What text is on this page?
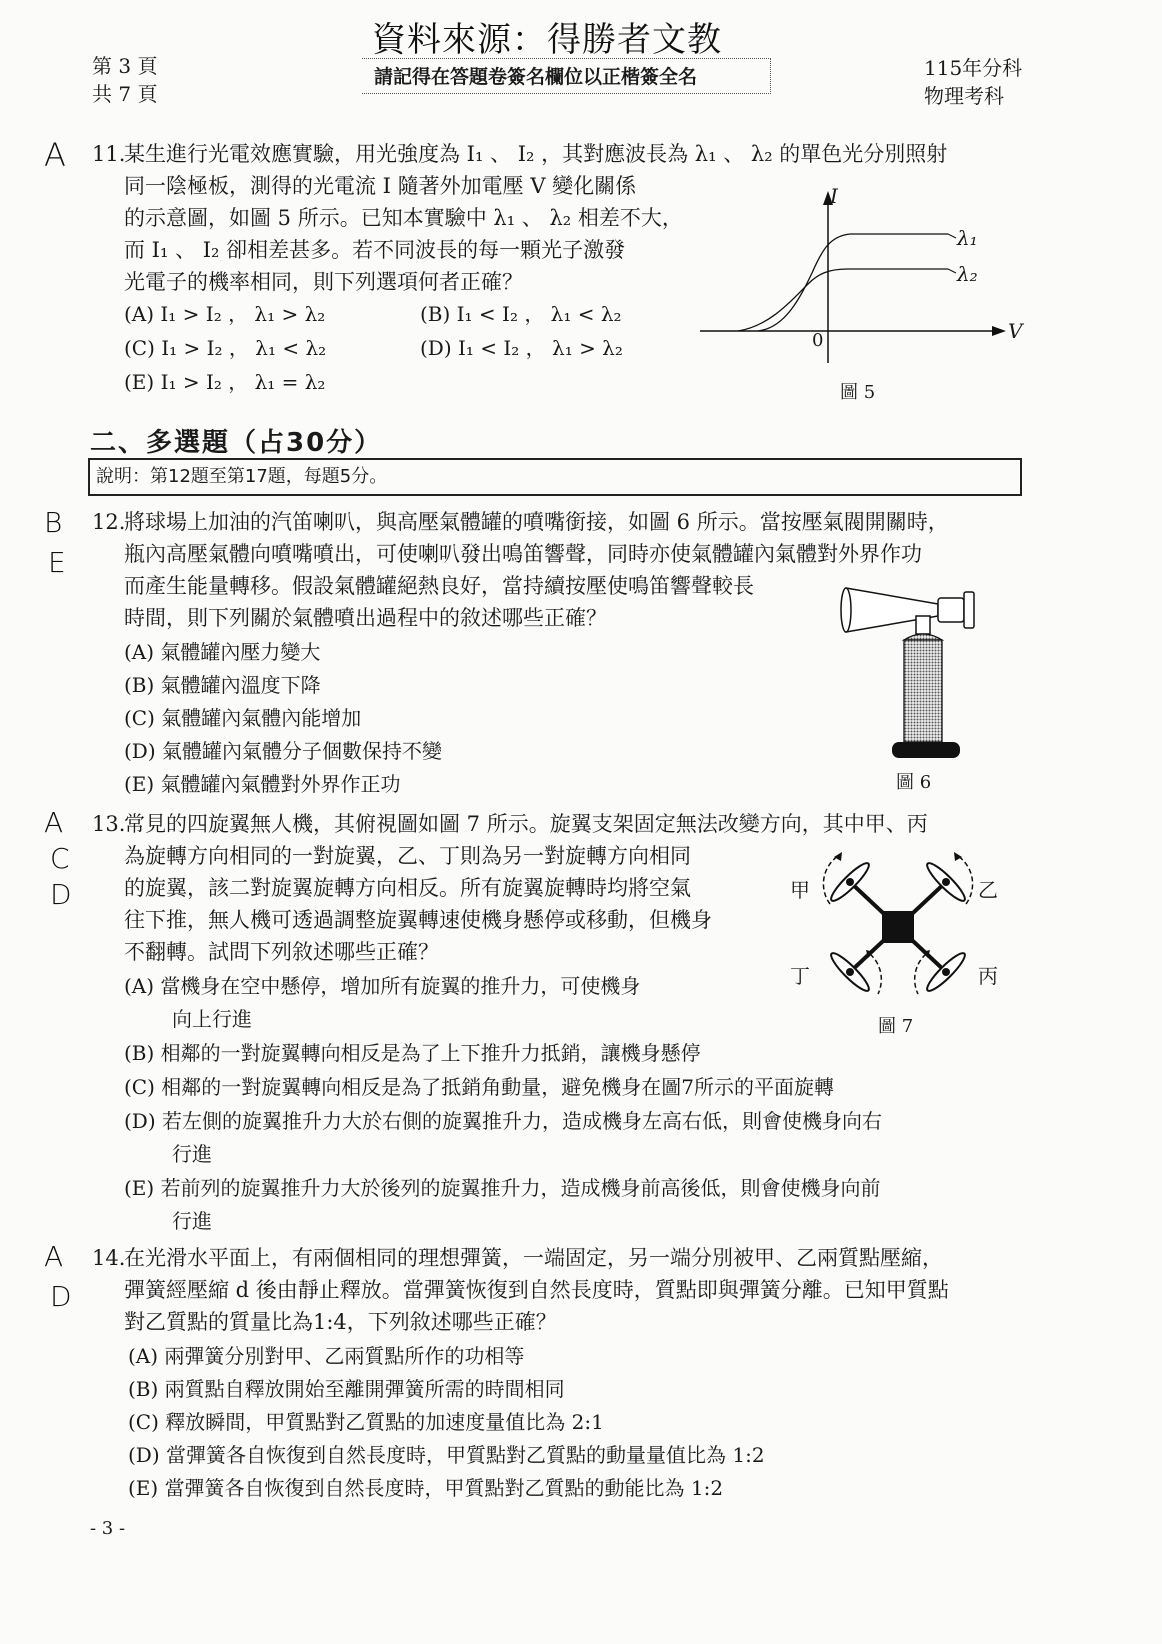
資料來源：得勝者文教
請記得在答題卷簽名欄位以正楷簽全名
第 3 頁
共 7 頁
115年分科
物理考科
A 11.
某生進行光電效應實驗，用光強度為 I₁ 、 I₂ ，其對應波長為 λ₁ 、 λ₂ 的單色光分別照射
同一陰極板，測得的光電流 I 隨著外加電壓 V 變化關係
的示意圖，如圖 5 所示。已知本實驗中 λ₁ 、 λ₂ 相差不大，
而 I₁ 、 I₂ 卻相差甚多。若不同波長的每一顆光子激發
光電子的機率相同，則下列選項何者正確？
(A) I₁ > I₂ ， λ₁ > λ₂	(B) I₁ < I₂ ， λ₁ < λ₂
(C) I₁ > I₂ ， λ₁ < λ₂	(D) I₁ < I₂ ， λ₁ > λ₂
(E) I₁ > I₂ ， λ₁ = λ₂
I
V
0
λ₁
λ₂
圖 5
二、多選題（占30分）
說明：第12題至第17題，每題5分。
B
E
12.
將球場上加油的汽笛喇叭，與高壓氣體罐的噴嘴銜接，如圖 6 所示。當按壓氣閥開關時，
瓶內高壓氣體向噴嘴噴出，可使喇叭發出鳴笛響聲，同時亦使氣體罐內氣體對外界作功
而產生能量轉移。假設氣體罐絕熱良好，當持續按壓使鳴笛響聲較長
時間，則下列關於氣體噴出過程中的敘述哪些正確？
(A) 氣體罐內壓力變大
(B) 氣體罐內溫度下降
(C) 氣體罐內氣體內能增加
(D) 氣體罐內氣體分子個數保持不變
(E) 氣體罐內氣體對外界作正功	圖 6
A
C
D
13.
常見的四旋翼無人機，其俯視圖如圖 7 所示。旋翼支架固定無法改變方向，其中甲、丙
為旋轉方向相同的一對旋翼，乙、丁則為另一對旋轉方向相同
的旋翼，該二對旋翼旋轉方向相反。所有旋翼旋轉時均將空氣
往下推，無人機可透過調整旋翼轉速使機身懸停或移動，但機身
不翻轉。試問下列敘述哪些正確？
(A) 當機身在空中懸停，增加所有旋翼的推升力，可使機身
向上行進
(B) 相鄰的一對旋翼轉向相反是為了上下推升力抵銷，讓機身懸停
(C) 相鄰的一對旋翼轉向相反是為了抵銷角動量，避免機身在圖7所示的平面旋轉
(D) 若左側的旋翼推升力大於右側的旋翼推升力，造成機身左高右低，則會使機身向右
行進
(E) 若前列的旋翼推升力大於後列的旋翼推升力，造成機身前高後低，則會使機身向前
行進
甲	乙
丙
丁
圖 7
A
D
14.
在光滑水平面上，有兩個相同的理想彈簧，一端固定，另一端分別被甲、乙兩質點壓縮，
彈簧經壓縮 d 後由靜止釋放。當彈簧恢復到自然長度時，質點即與彈簧分離。已知甲質點
對乙質點的質量比為1:4，下列敘述哪些正確？
(A) 兩彈簧分別對甲、乙兩質點所作的功相等
(B) 兩質點自釋放開始至離開彈簧所需的時間相同
(C) 釋放瞬間，甲質點對乙質點的加速度量值比為 2:1
(D) 當彈簧各自恢復到自然長度時，甲質點對乙質點的動量量值比為 1:2
(E) 當彈簧各自恢復到自然長度時，甲質點對乙質點的動能比為 1:2
- 3 -
